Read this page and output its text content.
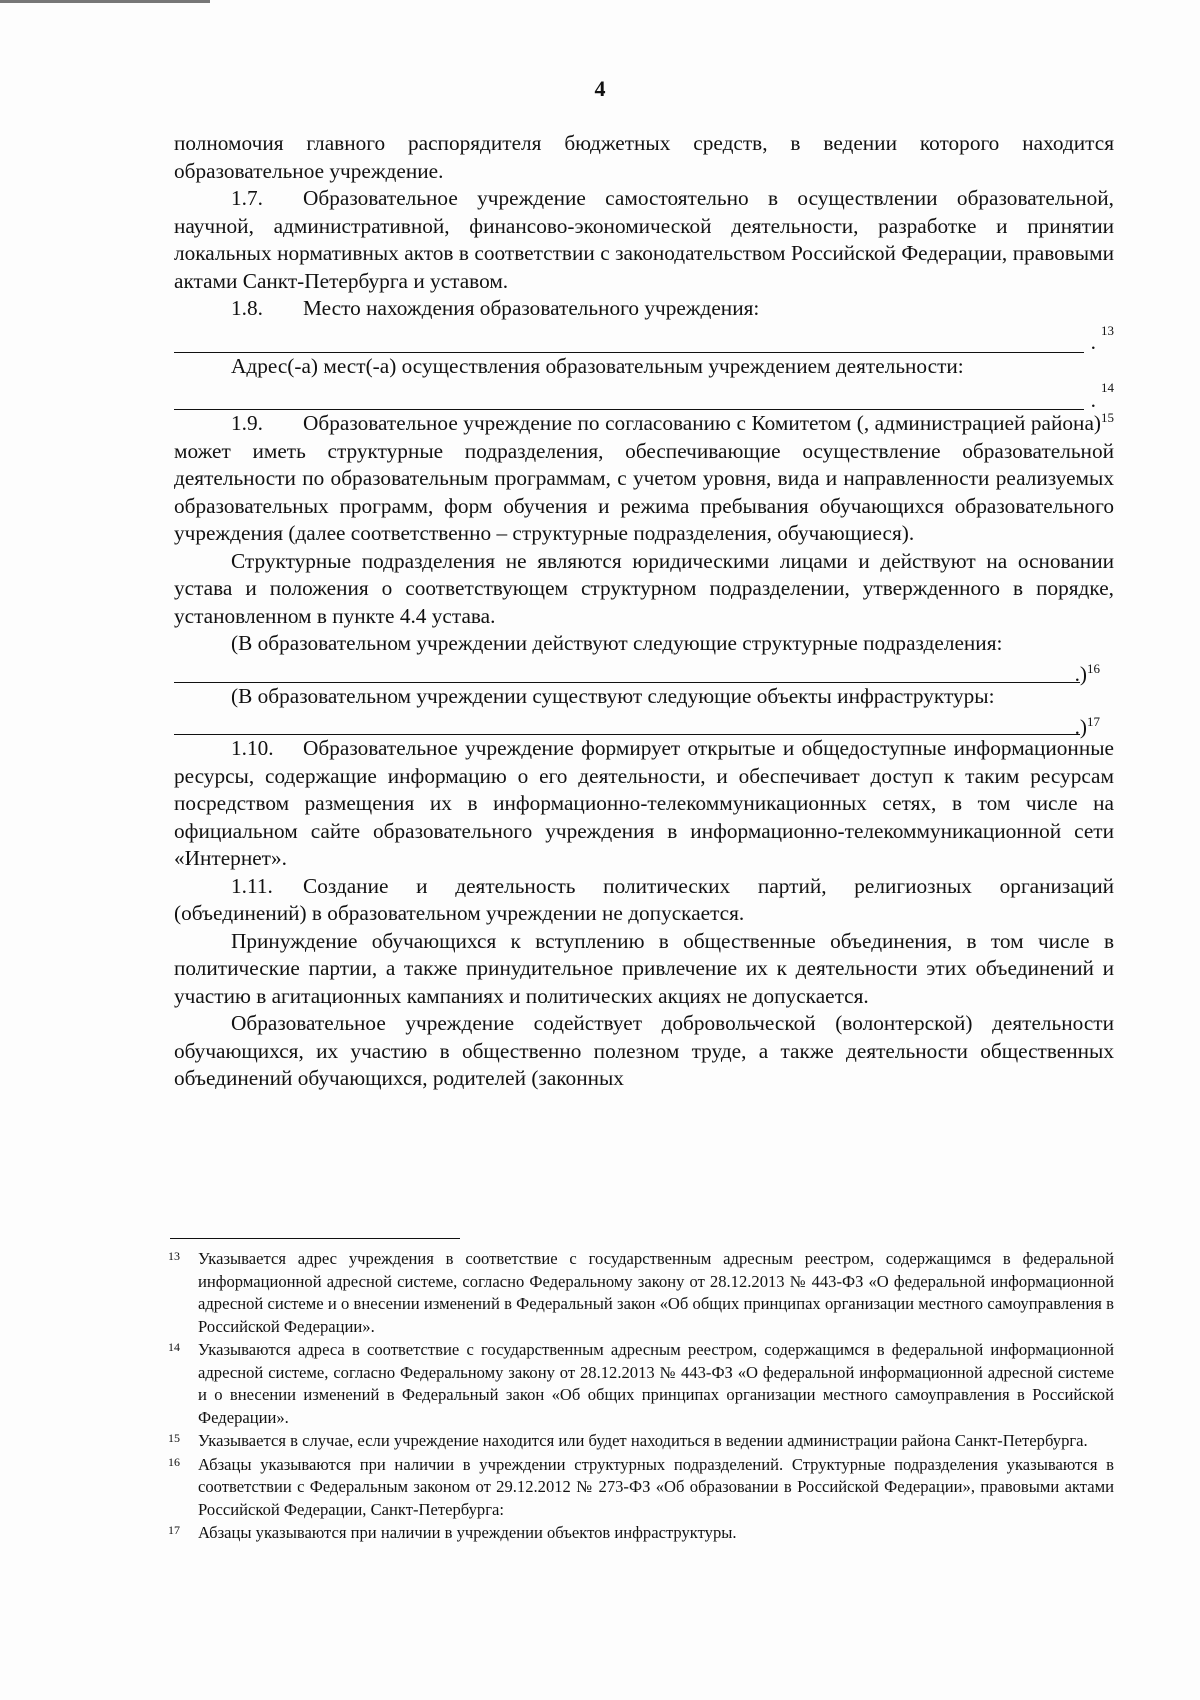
4

полномочия главного распорядителя бюджетных средств, в ведении которого находится образовательное учреждение.

1.7. Образовательное учреждение самостоятельно в осуществлении образовательной, научной, административной, финансово-экономической деятельности, разработке и принятии локальных нормативных актов в соответствии с законодательством Российской Федерации, правовыми актами Санкт-Петербурга и уставом.

1.8. Место нахождения образовательного учреждения:

. 13

Адрес(-а) мест(-а) осуществления образовательным учреждением деятельности:

. 14

1.9. Образовательное учреждение по согласованию с Комитетом (, администрацией района)$^{15}$ может иметь структурные подразделения, обеспечивающие осуществление образовательной деятельности по образовательным программам, с учетом уровня, вида и направленности реализуемых образовательных программ, форм обучения и режима пребывания обучающихся образовательного учреждения (далее соответственно – структурные подразделения, обучающиеся).

Структурные подразделения не являются юридическими лицами и действуют на основании устава и положения о соответствующем структурном подразделении, утвержденного в порядке, установленном в пункте 4.4 устава.

(В образовательном учреждении действуют следующие структурные подразделения:

.)$^{16}$

(В образовательном учреждении существуют следующие объекты инфраструктуры:

.)$^{17}$

1.10. Образовательное учреждение формирует открытые и общедоступные информационные ресурсы, содержащие информацию о его деятельности, и обеспечивает доступ к таким ресурсам посредством размещения их в информационно-телекоммуникационных сетях, в том числе на официальном сайте образовательного учреждения в информационно-телекоммуникационной сети «Интернет».

1.11. Создание и деятельность политических партий, религиозных организаций (объединений) в образовательном учреждении не допускается.

Принуждение обучающихся к вступлению в общественные объединения, в том числе в политические партии, а также принудительное привлечение их к деятельности этих объединений и участию в агитационных кампаниях и политических акциях не допускается.

Образовательное учреждение содействует добровольческой (волонтерской) деятельности обучающихся, их участию в общественно полезном труде, а также деятельности общественных объединений обучающихся, родителей (законных

13 Указывается адрес учреждения в соответствие с государственным адресным реестром, содержащимся в федеральной информационной адресной системе, согласно Федеральному закону от 28.12.2013 № 443-ФЗ «О федеральной информационной адресной системе и о внесении изменений в Федеральный закон «Об общих принципах организации местного самоуправления в Российской Федерации».

14 Указываются адреса в соответствие с государственным адресным реестром, содержащимся в федеральной информационной адресной системе, согласно Федеральному закону от 28.12.2013 № 443-ФЗ «О федеральной информационной адресной системе и о внесении изменений в Федеральный закон «Об общих принципах организации местного самоуправления в Российской Федерации».

15 Указывается в случае, если учреждение находится или будет находиться в ведении администрации района Санкт-Петербурга.

16 Абзацы указываются при наличии в учреждении структурных подразделений. Структурные подразделения указываются в соответствии с Федеральным законом от 29.12.2012 № 273-ФЗ «Об образовании в Российской Федерации», правовыми актами Российской Федерации, Санкт-Петербурга:

17 Абзацы указываются при наличии в учреждении объектов инфраструктуры.
